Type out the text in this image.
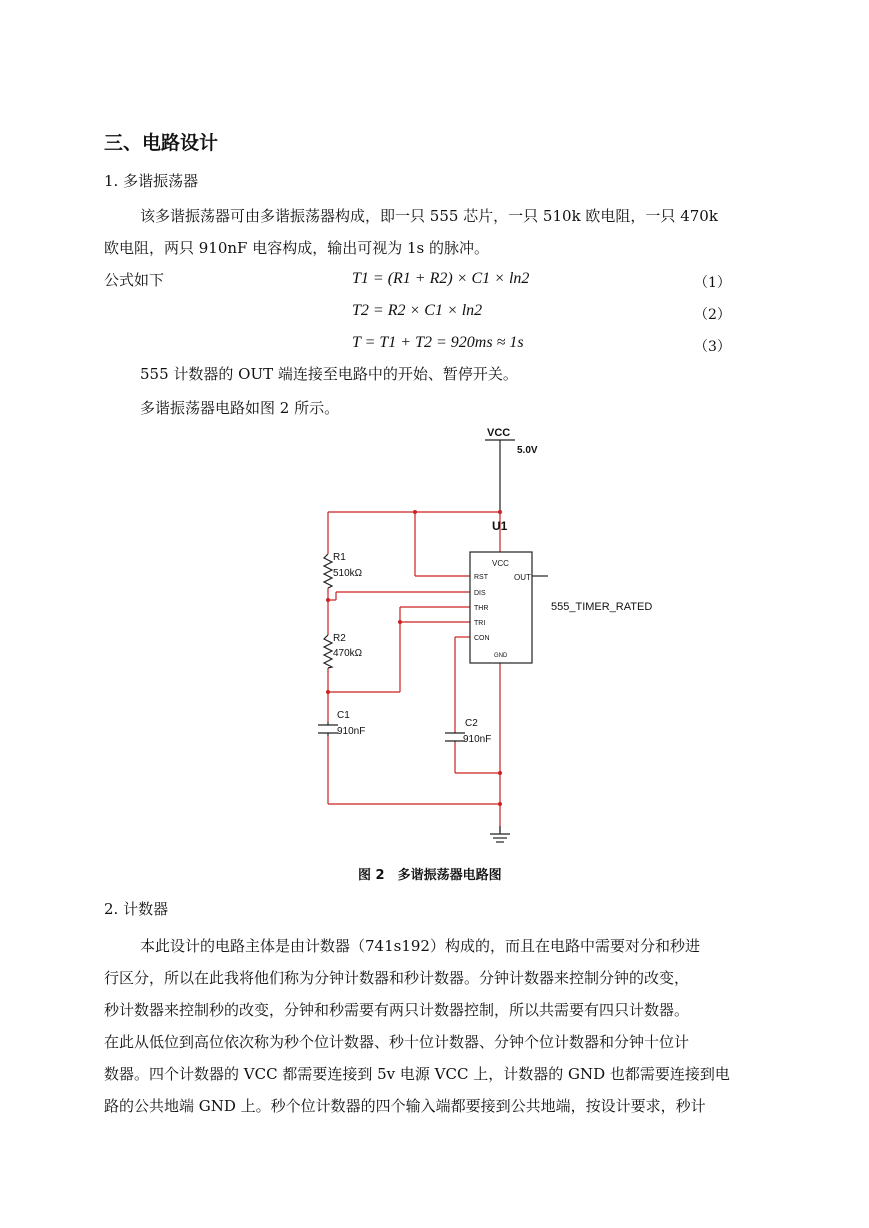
三、电路设计
1. 多谐振荡器
该多谐振荡器可由多谐振荡器构成，即一只 555 芯片，一只 510k 欧电阻，一只 470k
欧电阻，两只 910nF 电容构成，输出可视为 1s 的脉冲。
公式如下	T1 = (R1 + R2) × C1 × ln2	（1）
T2 = R2 × C1 × ln2	（2）
T = T1 + T2 = 920ms ≈ 1s	（3）
555 计数器的 OUT 端连接至电路中的开始、暂停开关。
多谐振荡器电路如图 2 所示。
VCC
5.0V
U1
555_TIMER_RATED
VCC
OUT
RST
DIS
THR
TRI
CON
GND
R1
510kΩ
R2
470kΩ
C1
910nF
C2
910nF
图 2　多谐振荡器电路图
2. 计数器
本此设计的电路主体是由计数器（741s192）构成的，而且在电路中需要对分和秒进
行区分，所以在此我将他们称为分钟计数器和秒计数器。分钟计数器来控制分钟的改变，
秒计数器来控制秒的改变，分钟和秒需要有两只计数器控制，所以共需要有四只计数器。
在此从低位到高位依次称为秒个位计数器、秒十位计数器、分钟个位计数器和分钟十位计
数器。四个计数器的 VCC 都需要连接到 5v 电源 VCC 上，计数器的 GND 也都需要连接到电
路的公共地端 GND 上。秒个位计数器的四个输入端都要接到公共地端，按设计要求，秒计
